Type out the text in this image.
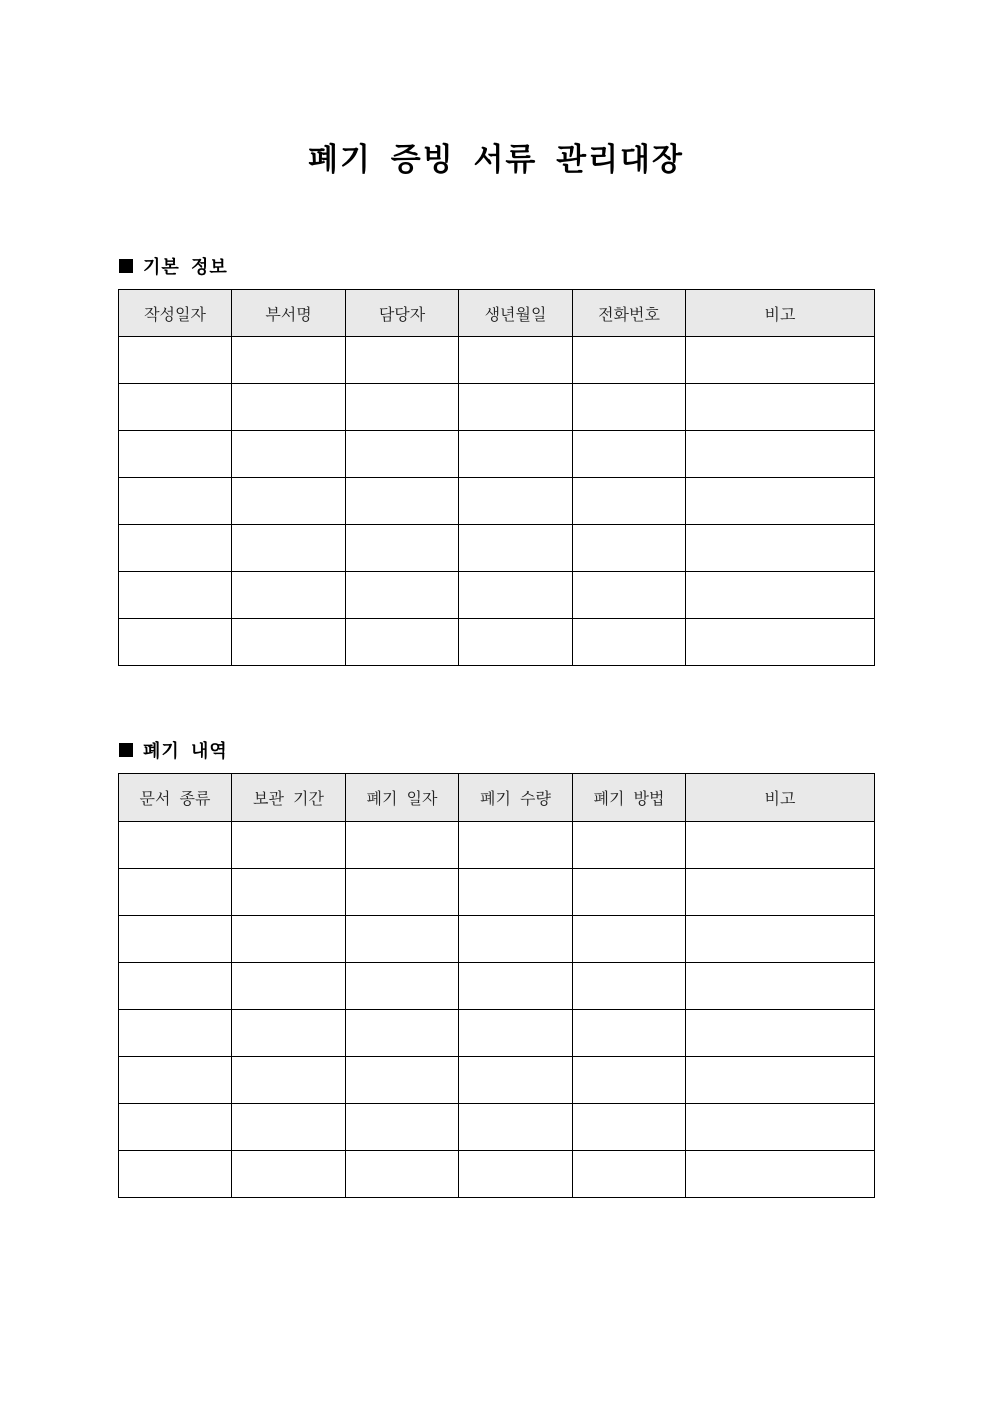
폐기 증빙 서류 관리대장
기본 정보
작성일자	부서명	담당자	생년월일	전화번호	비고

폐기 내역
문서 종류	보관 기간	폐기 일자	폐기 수량	폐기 방법	비고
